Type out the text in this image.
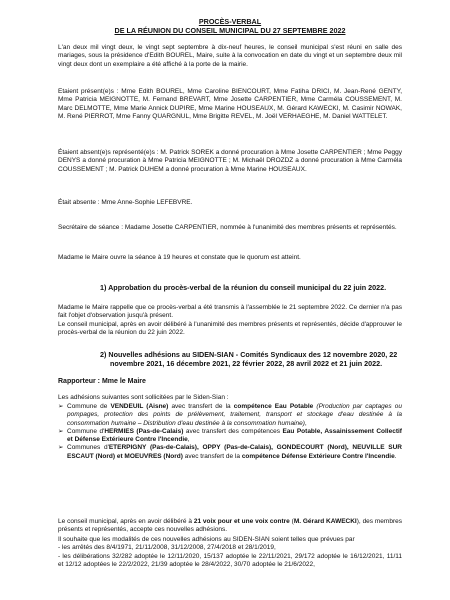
PROCÈS-VERBAL
DE LA RÉUNION DU CONSEIL MUNICIPAL DU 27 SEPTEMBRE 2022
L'an deux mil vingt deux, le vingt sept septembre à dix-neuf heures, le conseil municipal s'est réuni en salle des mariages, sous la présidence d'Edith BOUREL, Maire, suite à la convocation en date du vingt et un septembre deux mil vingt deux dont un exemplaire a été affiché à la porte de la mairie.
Etaient présent(e)s : Mme Edith BOUREL, Mme Caroline BIENCOURT, Mme Fatiha DRICI, M. Jean-René GENTY, Mme Patricia MEIGNOTTE, M. Fernand BREVART, Mme Josette CARPENTIER, Mme Carméla COUSSEMENT, M. Marc DELMOTTE, Mme Marie Annick DUPIRE, Mme Marine HOUSEAUX, M. Gérard KAWECKI, M. Casimir NOWAK, M. René PIERROT, Mme Fanny QUARGNUL, Mme Brigitte REVEL, M. Joël VERHAEGHE, M. Daniel WATTELET.
Étaient absent(e)s représenté(e)s : M. Patrick SOREK a donné procuration à Mme Josette CARPENTIER ; Mme Peggy DENYS a donné procuration à Mme Patricia MEIGNOTTE ; M. Michaël DROZDZ a donné procuration à Mme Carméla COUSSEMENT ; M. Patrick DUHEM a donné procuration à Mme Marine HOUSEAUX.
Était absente : Mme Anne-Sophie LEFEBVRE.
Secrétaire de séance : Madame Josette CARPENTIER, nommée à l'unanimité des membres présents et représentés.
Madame le Maire ouvre la séance à 19 heures et constate que le quorum est atteint.
1) Approbation du procès-verbal de la réunion du conseil municipal du 22 juin 2022.
Madame le Maire rappelle que ce procès-verbal a été transmis à l'assemblée le 21 septembre 2022. Ce dernier n'a pas fait l'objet d'observation jusqu'à présent.
Le conseil municipal, après en avoir délibéré à l'unanimité des membres présents et représentés, décide d'approuver le procès-verbal de la réunion du 22 juin 2022.
2) Nouvelles adhésions au SIDEN-SIAN - Comités Syndicaux des 12 novembre 2020, 22
novembre 2021, 16 décembre 2021, 22 février 2022, 28 avril 2022 et 21 juin 2022.
Rapporteur : Mme le Maire
Les adhésions suivantes sont sollicitées par le Siden-Sian :
➢ Commune de VENDEUIL (Aisne) avec transfert de la compétence Eau Potable (Production par captages ou pompages, protection des points de prélèvement, traitement, transport et stockage d'eau destinée à la consommation humaine – Distribution d'eau destinée à la consommation humaine),
➢ Commune d'HERMIES (Pas-de-Calais) avec transfert des compétences Eau Potable, Assainissement Collectif et Défense Extérieure Contre l'Incendie,
➢ Communes d'ETERPIGNY (Pas-de-Calais), OPPY (Pas-de-Calais), GONDECOURT (Nord), NEUVILLE SUR ESCAUT (Nord) et MOEUVRES (Nord) avec transfert de la compétence Défense Extérieure Contre l'Incendie.
Le conseil municipal, après en avoir délibéré à 21 voix pour et une voix contre (M. Gérard KAWECKI), des membres présents et représentés, accepte ces nouvelles adhésions.
Il souhaite que les modalités de ces nouvelles adhésions au SIDEN-SIAN soient telles que prévues par
- les arrêtés des 8/4/1971, 21/11/2008, 31/12/2008, 27/4/2018 et 28/1/2019,
- les délibérations 32/282 adoptée le 12/11/2020, 15/137 adoptée le 22/11/2021, 29/172 adoptée le 16/12/2021, 11/11 et 12/12 adoptées le 22/2/2022, 21/39 adoptée le 28/4/2022, 30/70 adoptée le 21/6/2022,
